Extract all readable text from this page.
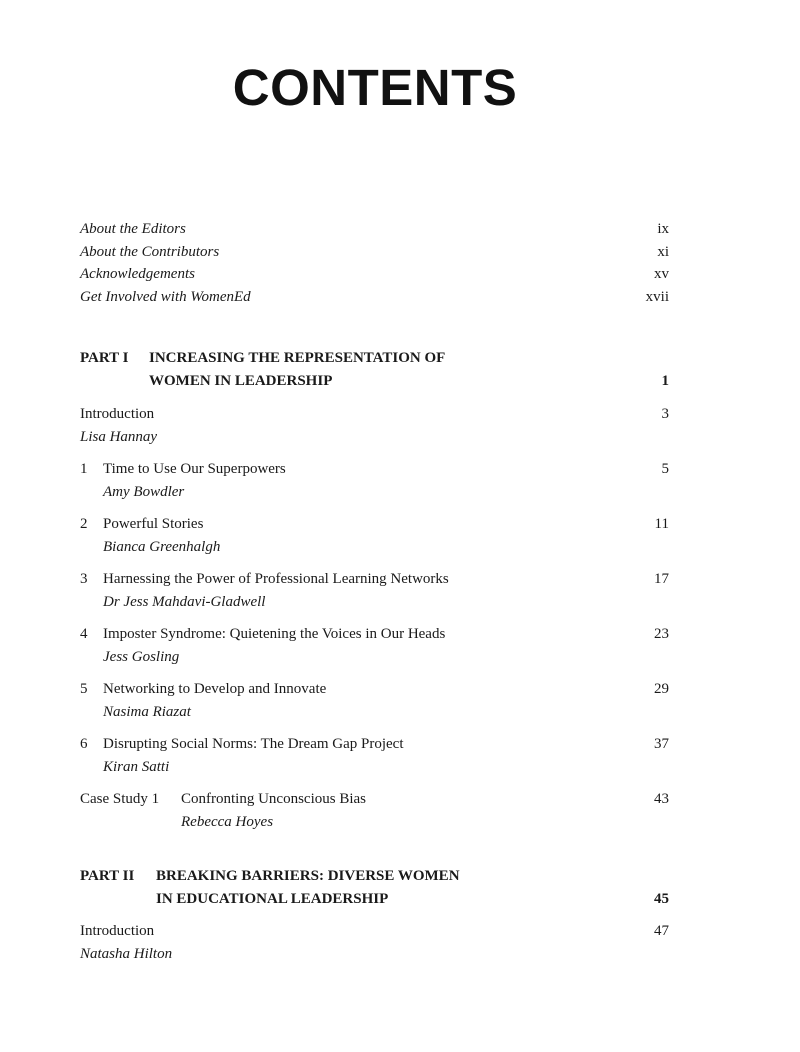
CONTENTS
About the Editors	ix
About the Contributors	xi
Acknowledgements	xv
Get Involved with WomenEd	xvii
PART I INCREASING THE REPRESENTATION OF
WOMEN IN LEADERSHIP	1
Introduction	3
Lisa Hannay
1 Time to Use Our Superpowers	5
Amy Bowdler
2 Powerful Stories	11
Bianca Greenhalgh
3 Harnessing the Power of Professional Learning Networks	17
Dr Jess Mahdavi-Gladwell
4 Imposter Syndrome: Quietening the Voices in Our Heads	23
Jess Gosling
5 Networking to Develop and Innovate	29
Nasima Riazat
6 Disrupting Social Norms: The Dream Gap Project	37
Kiran Satti
Case Study 1 Confronting Unconscious Bias	43
Rebecca Hoyes
PART II BREAKING BARRIERS: DIVERSE WOMEN
IN EDUCATIONAL LEADERSHIP	45
Introduction	47
Natasha Hilton
